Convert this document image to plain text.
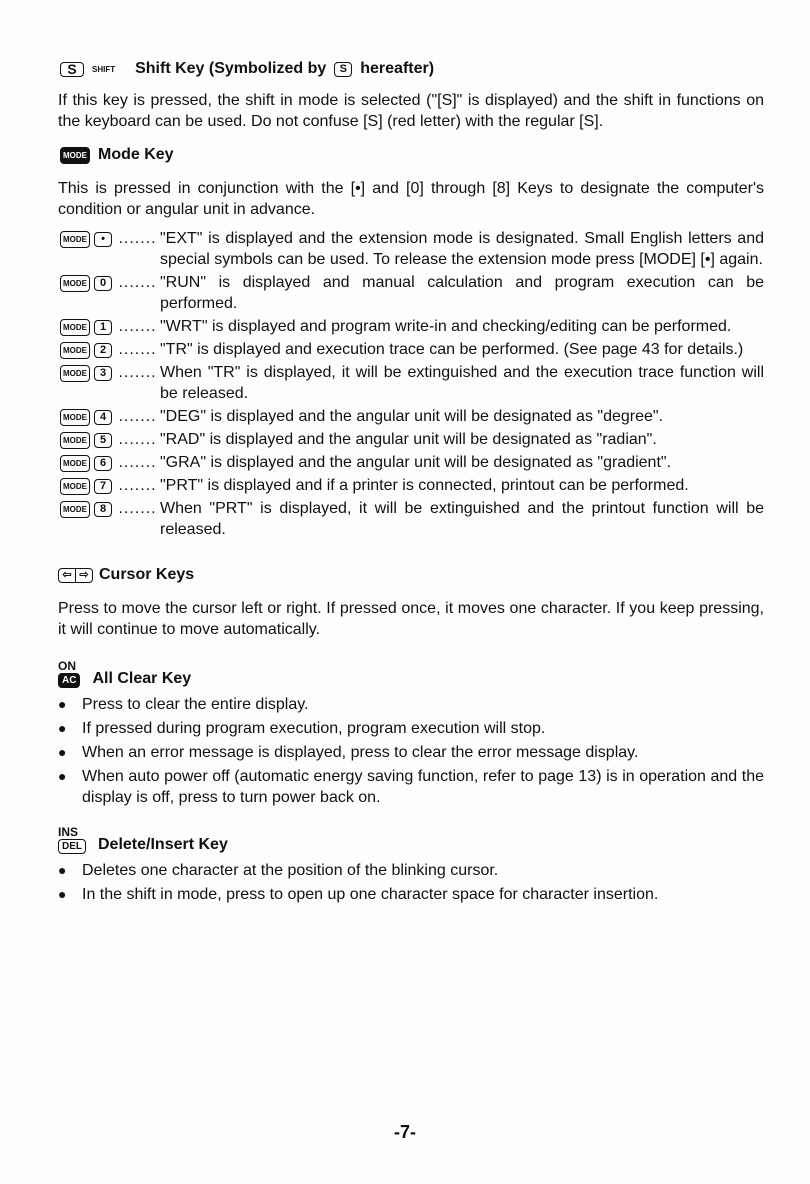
S	SHIFT Shift Key (Symbolized by	S hereafter)

If this key is pressed, the shift in mode is selected ("[S]" is displayed) and the shift in functions on the keyboard can be used. Do not confuse [S] (red letter) with the regular [S].

MODE Mode Key

This is pressed in conjunction with the [•] and [0] through [8] Keys to designate the computer's condition or angular unit in advance.

MODE • ....... "EXT" is displayed and the extension mode is designated. Small English letters and special symbols can be used. To release the extension mode press [MODE] [•] again.
MODE 0 ....... "RUN" is displayed and manual calculation and program execution can be performed.
MODE 1 ....... "WRT" is displayed and program write-in and checking/editing can be performed.
MODE 2 ....... "TR" is displayed and execution trace can be performed. (See page 43 for details.)
MODE 3 ....... When "TR" is displayed, it will be extinguished and the execution trace function will be released.
MODE 4 ....... "DEG" is displayed and the angular unit will be designated as "degree".
MODE 5 ....... "RAD" is displayed and the angular unit will be designated as "radian".
MODE 6 ....... "GRA" is displayed and the angular unit will be designated as "gradient".
MODE 7 ....... "PRT" is displayed and if a printer is connected, printout can be performed.
MODE 8 ....... When "PRT" is displayed, it will be extinguished and the printout function will be released.
⇦ ⇨ Cursor Keys

Press to move the cursor left or right. If pressed once, it moves one character. If you keep pressing, it will continue to move automatically.

ON
AC All Clear Key
● Press to clear the entire display.
● If pressed during program execution, program execution will stop.
● When an error message is displayed, press to clear the error message display.
● When auto power off (automatic energy saving function, refer to page 13) is in operation and the display is off, press to turn power back on.
INS
DEL Delete/Insert Key
● Deletes one character at the position of the blinking cursor.
● In the shift in mode, press to open up one character space for character insertion.
-7-
